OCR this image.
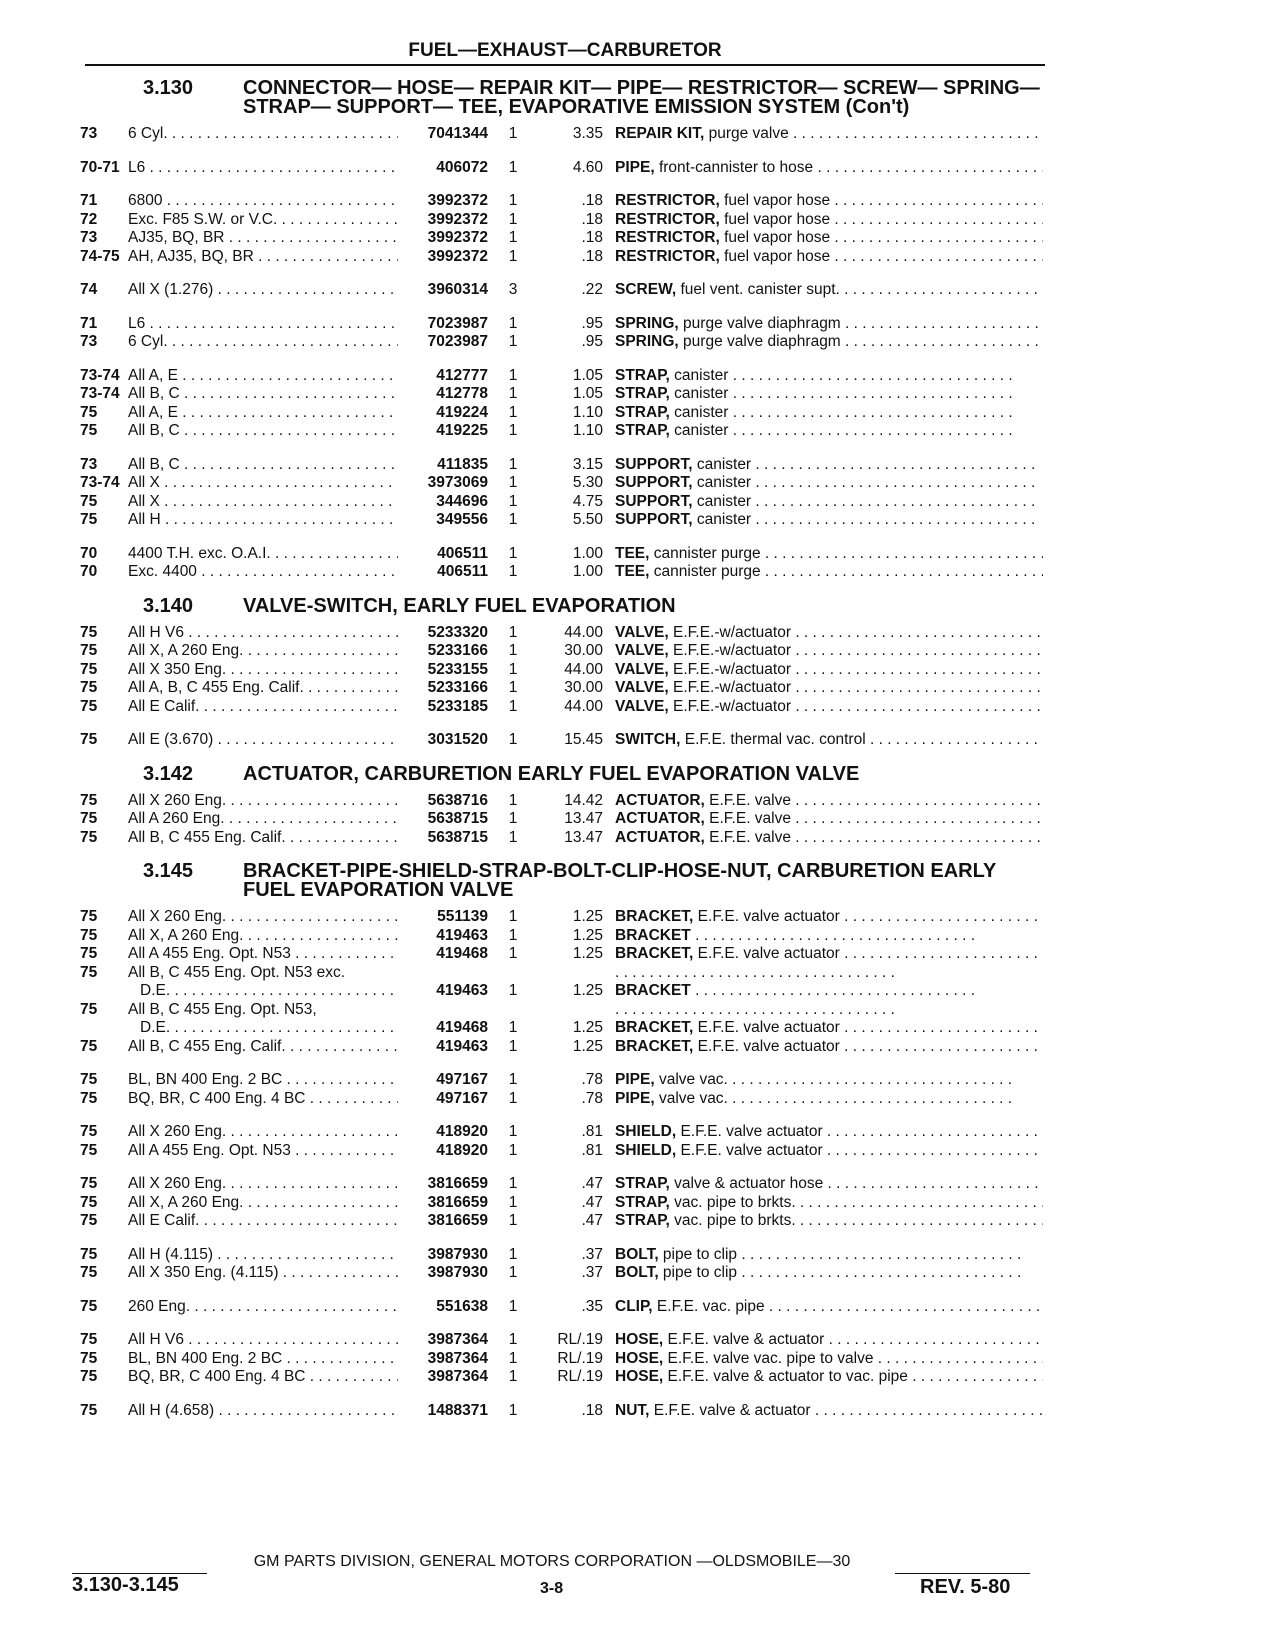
FUEL—EXHAUST—CARBURETOR
3.130	CONNECTOR— HOSE— REPAIR KIT— PIPE— RESTRICTOR— SCREW— SPRING— STRAP— SUPPORT— TEE, EVAPORATIVE EMISSION SYSTEM (Con't)
73	6 Cyl. . . .	7041344	1	3.35 REPAIR KIT, purge valve . . .
70-71 L6 . . .	406072	1	4.60 PIPE, front-cannister to hose . . .
71	6800 . . .	3992372	1	.18 RESTRICTOR, fuel vapor hose . . .
72	Exc. F85 S.W. or V.C. . . .	3992372	1	.18 RESTRICTOR, fuel vapor hose . . .
73	AJ35, BQ, BR . . .	3992372	1	.18 RESTRICTOR, fuel vapor hose . . .
74-75 AH, AJ35, BQ, BR . . .	3992372	1	.18 RESTRICTOR, fuel vapor hose . . .
74	All X (1.276) . . .	3960314	3	.22 SCREW, fuel vent. canister supt. . . .
71	L6 . . .	7023987	1	.95 SPRING, purge valve diaphragm . . .
73	6 Cyl. . . .	7023987	1	.95 SPRING, purge valve diaphragm . . .
73-74 All A, E . . .	412777	1	1.05 STRAP, canister . . .
73-74 All B, C . . .	412778	1	1.05 STRAP, canister . . .
75	All A, E . . .	419224	1	1.10 STRAP, canister . . .
75	All B, C . . .	419225	1	1.10 STRAP, canister . . .
73	All B, C . . .	411835	1	3.15 SUPPORT, canister . . .
73-74 All X . . .	3973069	1	5.30 SUPPORT, canister . . .
75	All X . . .	344696	1	4.75 SUPPORT, canister . . .
75	All H . . .	349556	1	5.50 SUPPORT, canister . . .
70	4400 T.H. exc. O.A.I. . . .	406511	1	1.00 TEE, cannister purge . . .
70	Exc. 4400 . . .	406511	1	1.00 TEE, cannister purge . . .
3.140	VALVE-SWITCH, EARLY FUEL EVAPORATION
75	All H V6 . . .	5233320	1	44.00 VALVE, E.F.E.-w/actuator . . .
75	All X, A 260 Eng. . . .	5233166	1	30.00 VALVE, E.F.E.-w/actuator . . .
75	All X 350 Eng. . . .	5233155	1	44.00 VALVE, E.F.E.-w/actuator . . .
75	All A, B, C 455 Eng. Calif. . . .	5233166	1	30.00 VALVE, E.F.E.-w/actuator . . .
75	All E Calif. . . .	5233185	1	44.00 VALVE, E.F.E.-w/actuator . . .
75	All E (3.670) . . .	3031520	1	15.45 SWITCH, E.F.E. thermal vac. control . . .
3.142	ACTUATOR, CARBURETION EARLY FUEL EVAPORATION VALVE
75	All X 260 Eng. . . .	5638716	1	14.42 ACTUATOR, E.F.E. valve . . .
75	All A 260 Eng. . . .	5638715	1	13.47 ACTUATOR, E.F.E. valve . . .
75	All B, C 455 Eng. Calif. . . .	5638715	1	13.47 ACTUATOR, E.F.E. valve . . .
3.145	BRACKET-PIPE-SHIELD-STRAP-BOLT-CLIP-HOSE-NUT, CARBURETION EARLY FUEL EVAPORATION VALVE
75	All X 260 Eng. . . .	551139	1	1.25 BRACKET, E.F.E. valve actuator . . .
75	All X, A 260 Eng. . . .	419463	1	1.25 BRACKET . . .
75	All A 455 Eng. Opt. N53 . . .	419468	1	1.25 BRACKET, E.F.E. valve actuator . . .
75	All B, C 455 Eng. Opt. N53 exc.
. . .
D.E. . . .	419463	1	1.25 BRACKET . . .
75	All B, C 455 Eng. Opt. N53,
. . .
D.E. . . .	419468	1	1.25 BRACKET, E.F.E. valve actuator . . .
75	All B, C 455 Eng. Calif. . . .	419463	1	1.25 BRACKET, E.F.E. valve actuator . . .
75	BL, BN 400 Eng. 2 BC . . .	497167	1	.78 PIPE, valve vac. . . .
75	BQ, BR, C 400 Eng. 4 BC . . .	497167	1	.78 PIPE, valve vac. . . .
75	All X 260 Eng. . . .	418920	1	.81 SHIELD, E.F.E. valve actuator . . .
75	All A 455 Eng. Opt. N53 . . .	418920	1	.81 SHIELD, E.F.E. valve actuator . . .
75	All X 260 Eng. . . .	3816659	1	.47 STRAP, valve & actuator hose . . .
75	All X, A 260 Eng. . . .	3816659	1	.47 STRAP, vac. pipe to brkts. . . .
75	All E Calif. . . .	3816659	1	.47 STRAP, vac. pipe to brkts. . . .
75	All H (4.115) . . .	3987930	1	.37 BOLT, pipe to clip . . .
75	All X 350 Eng. (4.115) . . .	3987930	1	.37 BOLT, pipe to clip . . .
75	260 Eng. . . .	551638	1	.35 CLIP, E.F.E. vac. pipe . . .
75	All H V6 . . .	3987364	1	RL/.19 HOSE, E.F.E. valve & actuator . . .
75	BL, BN 400 Eng. 2 BC . . .	3987364	1	RL/.19 HOSE, E.F.E. valve vac. pipe to valve . . .
75	BQ, BR, C 400 Eng. 4 BC . . .	3987364	1	RL/.19 HOSE, E.F.E. valve & actuator to vac. pipe . . .
75	All H (4.658) . . .	1488371	1	.18 NUT, E.F.E. valve & actuator . . .
GM PARTS DIVISION, GENERAL MOTORS CORPORATION —OLDSMOBILE—30
3.130-3.145	3-8	REV. 5-80
